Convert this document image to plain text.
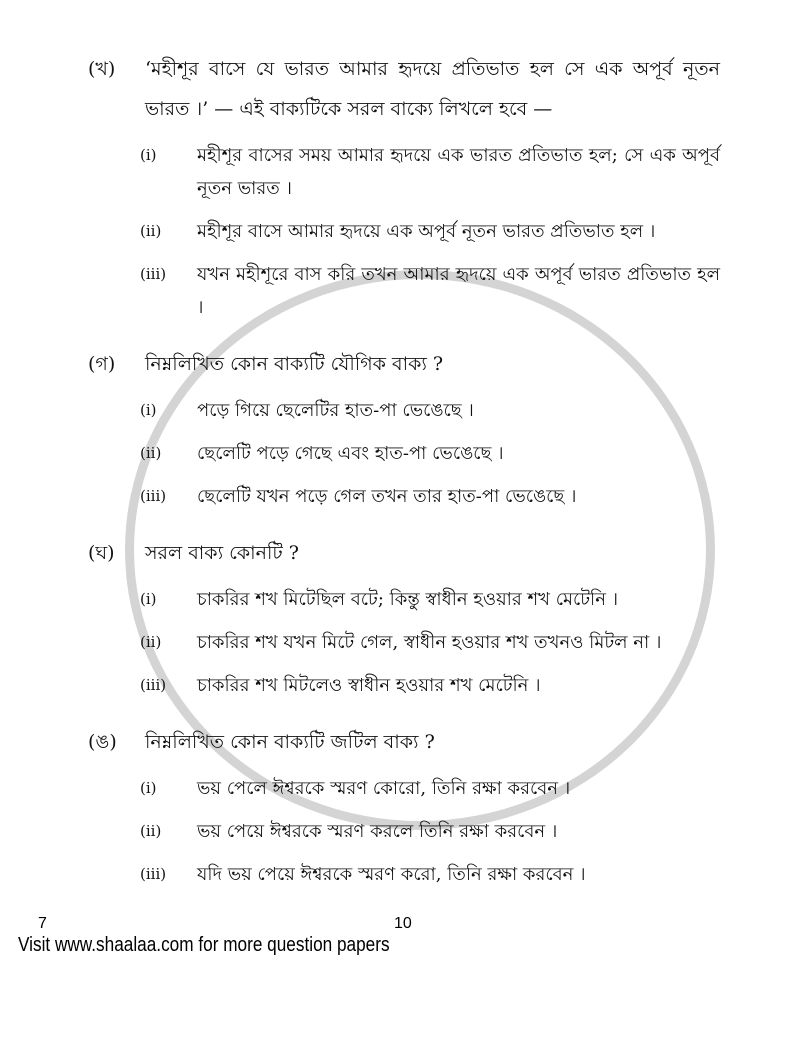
(খ)	‘মহীশূর বাসে যে ভারত আমার হৃদয়ে প্রতিভাত হল সে এক অপূর্ব নূতন ভারত ।’ — এই বাক্যটিকে সরল বাক্যে লিখলে হবে —
(i)	মহীশূর বাসের সময় আমার হৃদয়ে এক ভারত প্রতিভাত হল; সে এক অপূর্ব নূতন ভারত ।
(ii)	মহীশূর বাসে আমার হৃদয়ে এক অপূর্ব নূতন ভারত প্রতিভাত হল ।
(iii)	যখন মহীশূরে বাস করি তখন আমার হৃদয়ে এক অপূর্ব ভারত প্রতিভাত হল ।
(গ)	নিম্নলিখিত কোন বাক্যটি যৌগিক বাক্য ?
(i)	পড়ে গিয়ে ছেলেটির হাত-পা ভেঙেছে ।
(ii)	ছেলেটি পড়ে গেছে এবং হাত-পা ভেঙেছে ।
(iii)	ছেলেটি যখন পড়ে গেল তখন তার হাত-পা ভেঙেছে ।
(ঘ)	সরল বাক্য কোনটি ?
(i)	চাকরির শখ মিটেছিল বটে; কিন্তু স্বাধীন হওয়ার শখ মেটেনি ।
(ii)	চাকরির শখ যখন মিটে গেল, স্বাধীন হওয়ার শখ তখনও মিটল না ।
(iii)	চাকরির শখ মিটলেও স্বাধীন হওয়ার শখ মেটেনি ।
(ঙ)	নিম্নলিখিত কোন বাক্যটি জটিল বাক্য ?
(i)	ভয় পেলে ঈশ্বরকে স্মরণ কোরো, তিনি রক্ষা করবেন ।
(ii)	ভয় পেয়ে ঈশ্বরকে স্মরণ করলে তিনি রক্ষা করবেন ।
(iii)	যদি ভয় পেয়ে ঈশ্বরকে স্মরণ করো, তিনি রক্ষা করবেন ।
7	10
Visit www.shaalaa.com for more question papers
